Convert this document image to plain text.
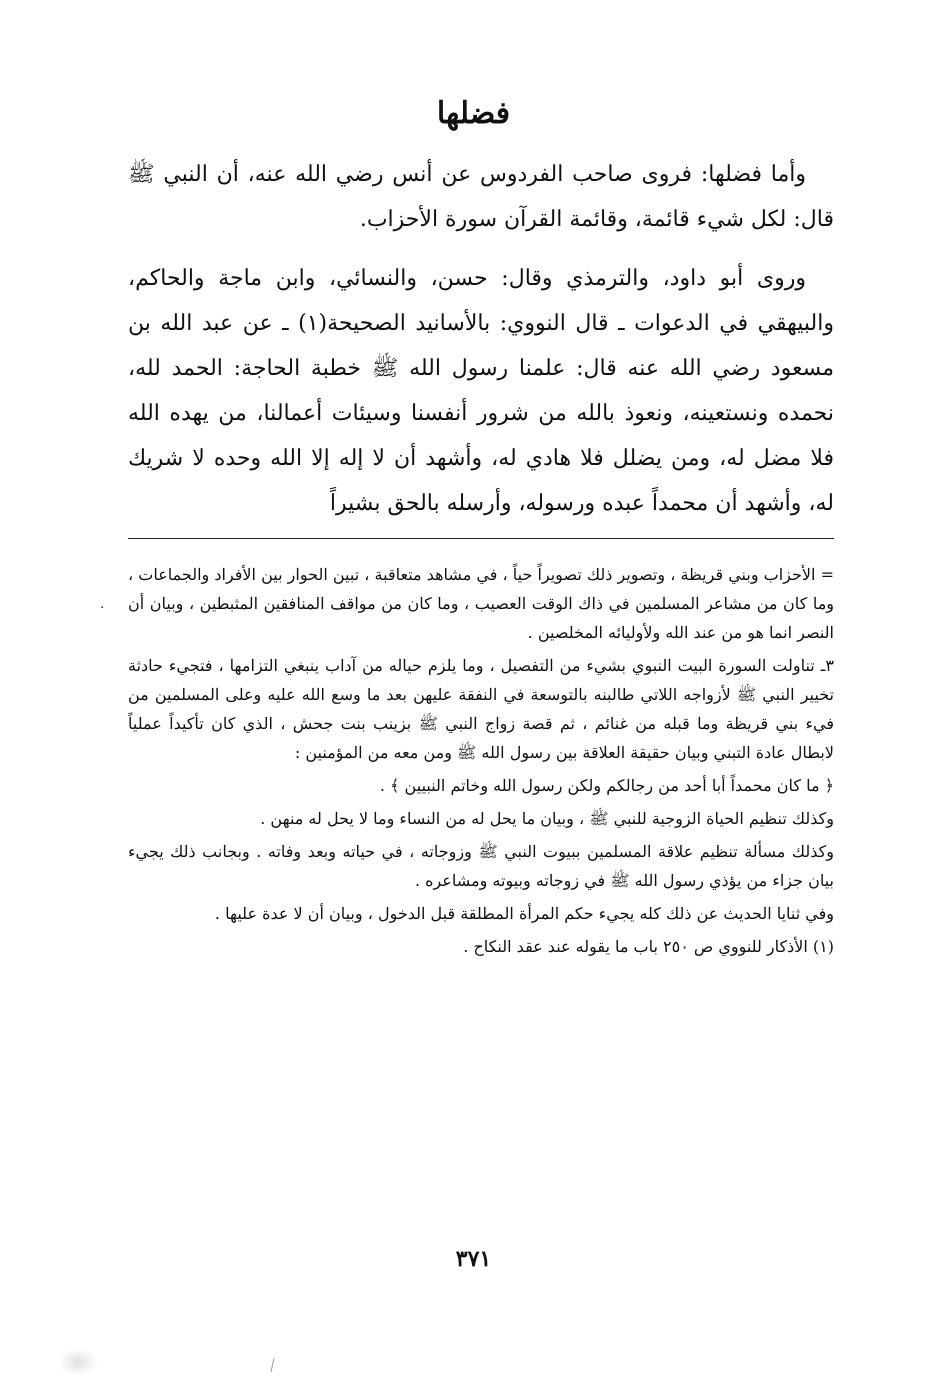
فضلها

وأما فضلها: فروى صاحب الفردوس عن أنس رضي الله عنه، أن النبي ﷺ قال: لكل شيء قائمة، وقائمة القرآن سورة الأحزاب.

وروى أبو داود، والترمذي وقال: حسن، والنسائي، وابن ماجة والحاكم، والبيهقي في الدعوات ـ قال النووي: بالأسانيد الصحيحة(١) ـ عن عبد الله بن مسعود رضي الله عنه قال: علمنا رسول الله ﷺ خطبة الحاجة: الحمد لله، نحمده ونستعينه، ونعوذ بالله من شرور أنفسنا وسيئات أعمالنا، من يهده الله فلا مضل له، ومن يضلل فلا هادي له، وأشهد أن لا إله إلا الله وحده لا شريك له، وأشهد أن محمداً عبده ورسوله، وأرسله بالحق بشيراً

= الأحزاب وبني قريظة ، وتصوير ذلك تصويراً حياً ، في مشاهد متعاقبة ، تبين الحوار بين الأفراد والجماعات ، وما كان من مشاعر المسلمين في ذاك الوقت العصيب ، وما كان من مواقف المنافقين المثبطين ، وبيان أن النصر انما هو من عند الله ولأوليائه المخلصين .

٣ـ تناولت السورة البيت النبوي بشيء من التفصيل ، وما يلزم حياله من آداب ينبغي التزامها ، فتجيء حادثة تخيير النبي ﷺ لأزواجه اللاتي طالبنه بالتوسعة في النفقة عليهن بعد ما وسع الله عليه وعلى المسلمين من فيء بني قريظة وما قبله من غنائم ، ثم قصة زواج النبي ﷺ بزينب بنت جحش ، الذي كان تأكيداً عملياً لابطال عادة التبني وبيان حقيقة العلاقة بين رسول الله ﷺ ومن معه من المؤمنين :

﴿ ما كان محمداً أبا أحد من رجالكم ولكن رسول الله وخاتم النبيين ﴾ .

وكذلك تنظيم الحياة الزوجية للنبي ﷺ ، وبيان ما يحل له من النساء وما لا يحل له منهن .

وكذلك مسألة تنظيم علاقة المسلمين ببيوت النبي ﷺ وزوجاته ، في حياته وبعد وفاته . وبجانب ذلك يجيء بيان جزاء من يؤذي رسول الله ﷺ في زوجاته وبيوته ومشاعره .

وفي ثنايا الحديث عن ذلك كله يجيء حكم المرأة المطلقة قبل الدخول ، وبيان أن لا عدة عليها .

(١) الأذكار للنووي ص ٢٥٠ باب ما يقوله عند عقد النكاح .

٣٧١
·
